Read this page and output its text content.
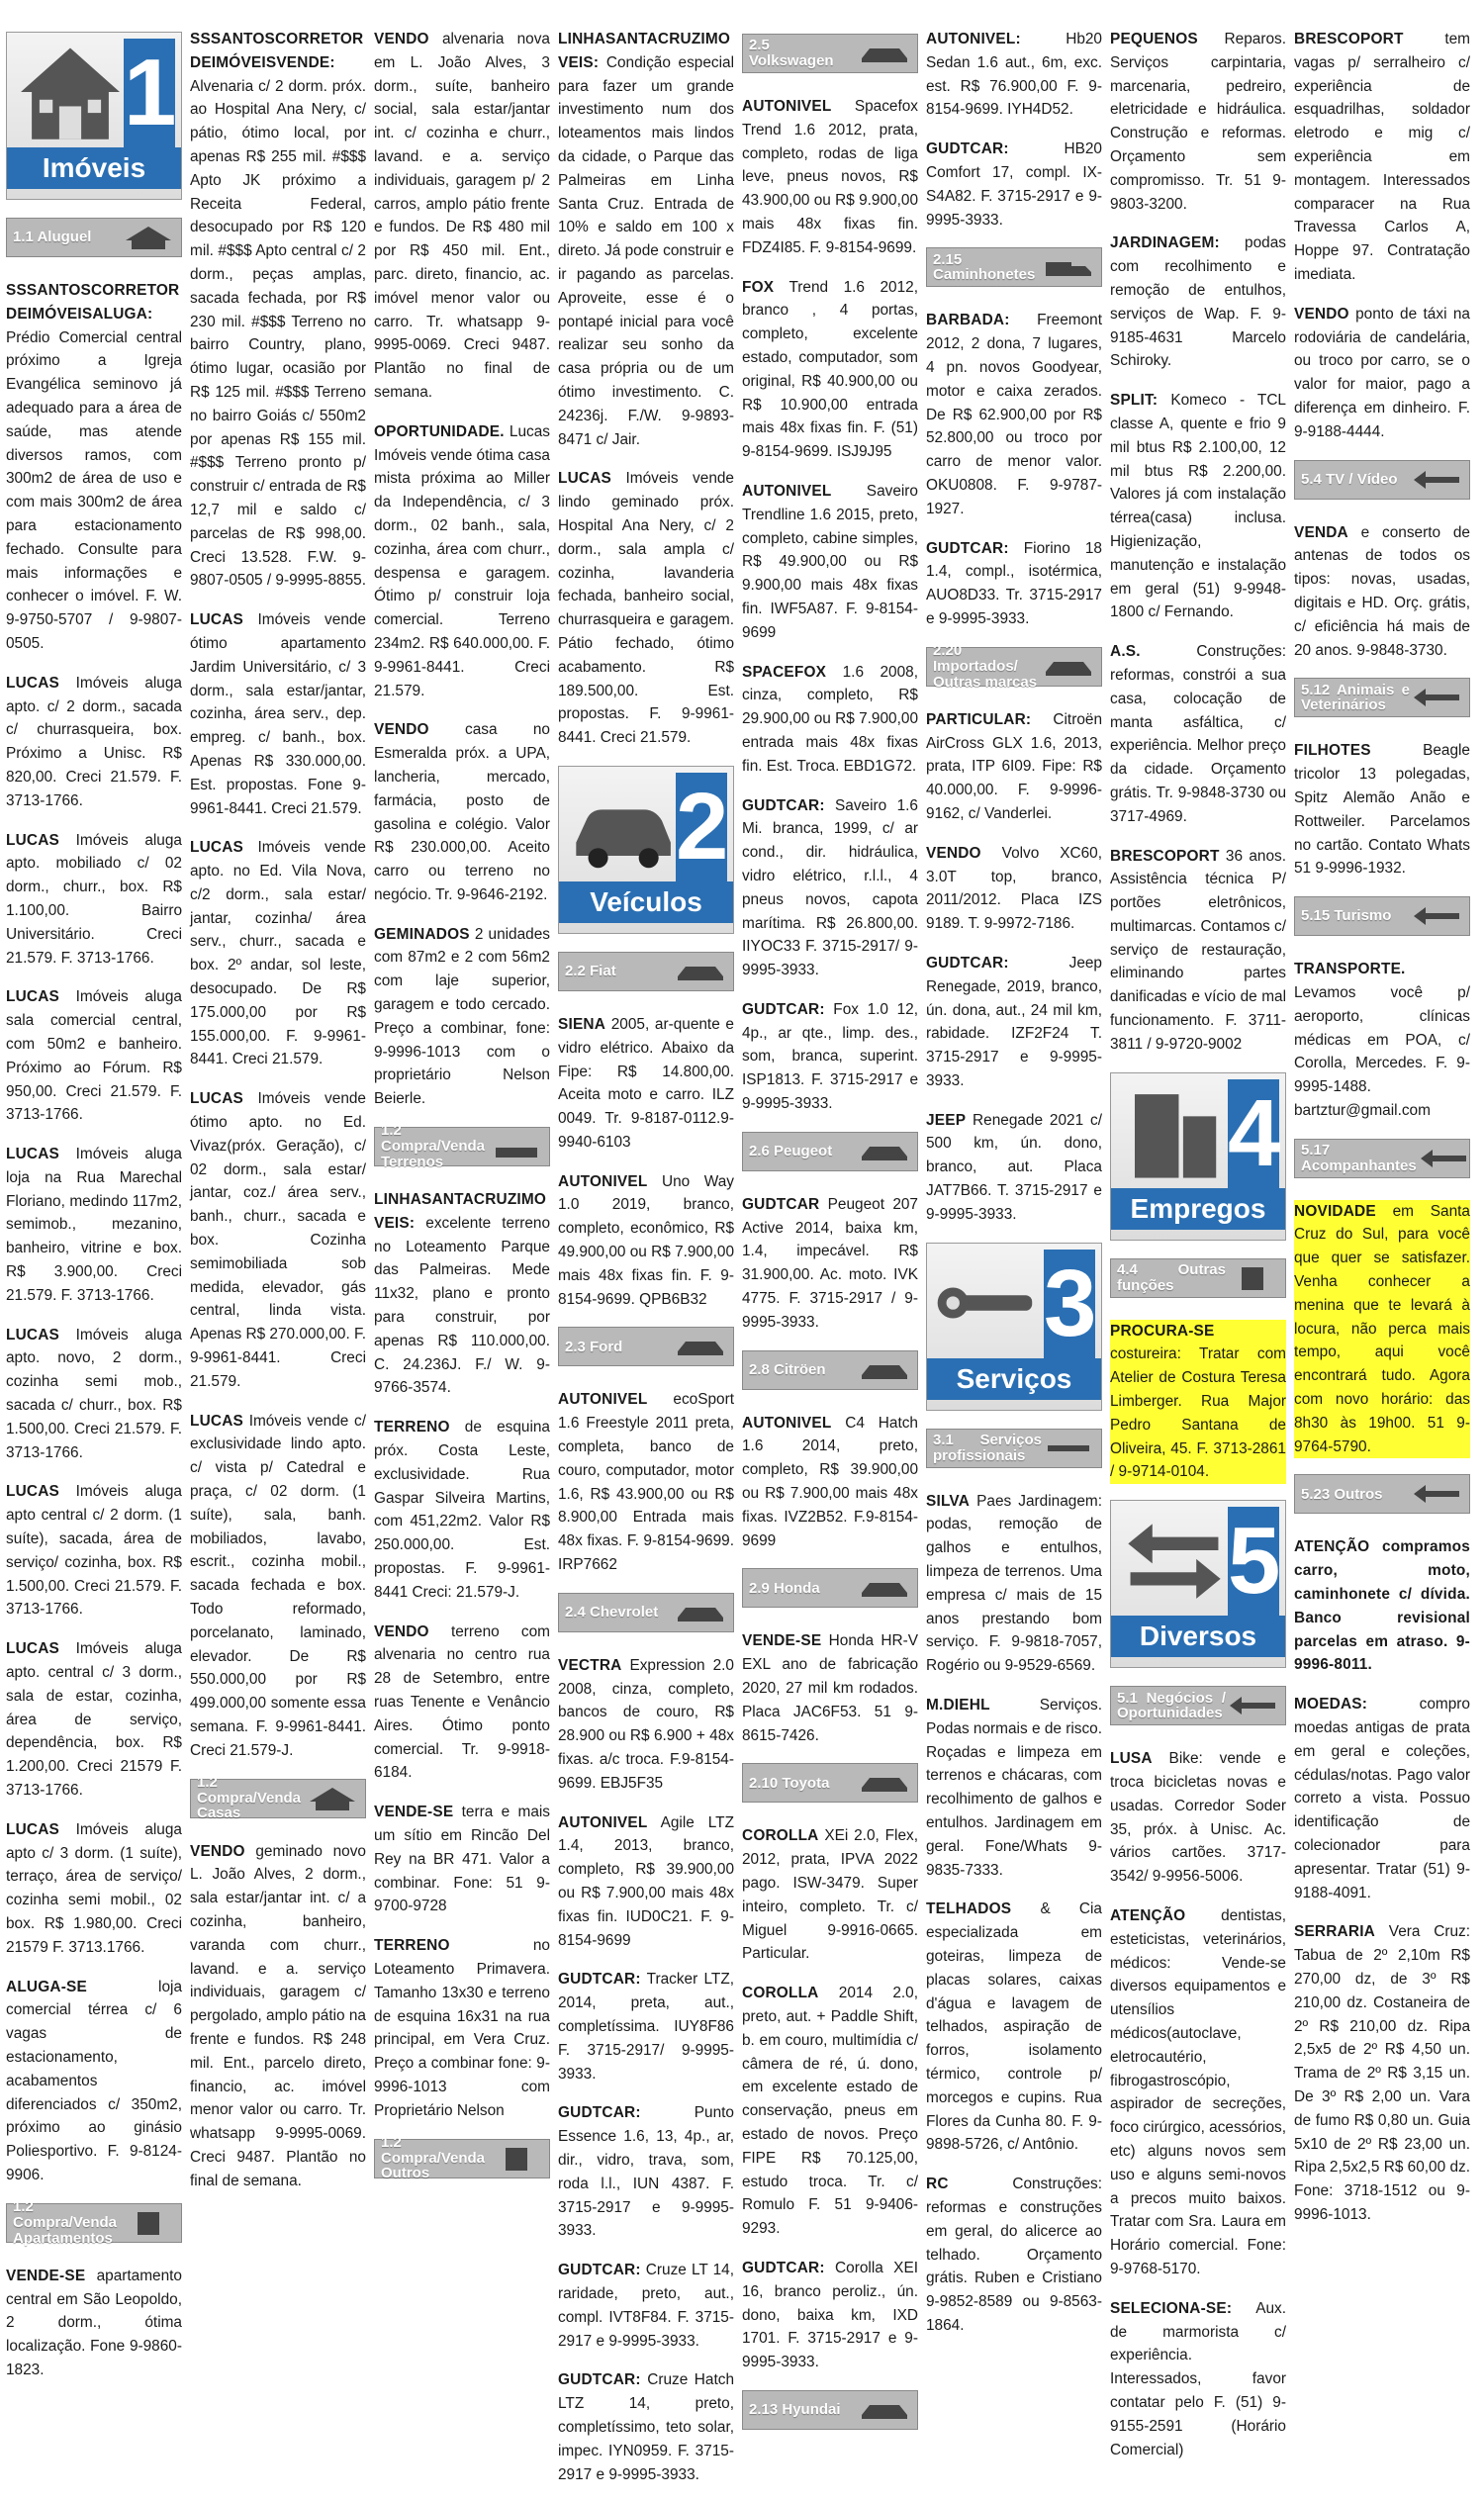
1
Imóveis
1.1 Aluguel

SSSANTOSCORRETORDEIMÓVEISALUGA: Prédio Comercial central próximo a Igreja Evangélica seminovo já adequado para a área de saúde, mas atende diversos ramos, com 300m2 de área de uso e com mais 300m2 de área para estacionamento fechado. Consulte para mais informações e conhecer o imóvel. F. W. 9-9750-5707 / 9-9807-0505.

LUCAS Imóveis aluga apto. c/ 2 dorm., sacada c/ churrasqueira, box. Próximo a Unisc. R$ 820,00. Creci 21.579. F. 3713-1766.

LUCAS Imóveis aluga apto. mobiliado c/ 02 dorm., churr., box. R$ 1.100,00. Bairro Universitário. Creci 21.579. F. 3713-1766.

LUCAS Imóveis aluga sala comercial central, com 50m2 e banheiro. Próximo ao Fórum. R$ 950,00. Creci 21.579. F. 3713-1766.

LUCAS Imóveis aluga loja na Rua Marechal Floriano, medindo 117m2, semimob., mezanino, banheiro, vitrine e box. R$ 3.900,00. Creci 21.579. F. 3713-1766.

LUCAS Imóveis aluga apto. novo, 2 dorm., cozinha semi mob., sacada c/ churr., box. R$ 1.500,00. Creci 21.579. F. 3713-1766.

LUCAS Imóveis aluga apto central c/ 2 dorm. (1 suíte), sacada, área de serviço/ cozinha, box. R$ 1.500,00. Creci 21.579. F. 3713-1766.

LUCAS Imóveis aluga apto. central c/ 3 dorm., sala de estar, cozinha, área de serviço, dependência, box. R$ 1.200,00. Creci 21579 F. 3713-1766.

LUCAS Imóveis aluga apto c/ 3 dorm. (1 suíte), terraço, área de serviço/ cozinha semi mobil., 02 box. R$ 1.980,00. Creci 21579 F. 3713.1766.

ALUGA-SE loja comercial térrea c/ 6 vagas de estacionamento, acabamentos diferenciados c/ 350m2, próximo ao ginásio Poliesportivo. F. 9-8124-9906.

1.2 Compra/Venda Apartamentos

VENDE-SE apartamento central em São Leopoldo, 2 dorm., ótima localização. Fone 9-9860-1823.

SSSANTOSCORRETORDEIMÓVEISVENDE: Alvenaria c/ 2 dorm. próx. ao Hospital Ana Nery, c/ pátio, ótimo local, por apenas R$ 255 mil. #$$$ Apto JK próximo a Receita Federal, desocupado por R$ 120 mil. #$$$ Apto central c/ 2 dorm., peças amplas, sacada fechada, por R$ 230 mil. #$$$ Terreno no bairro Country, plano, ótimo lugar, ocasião por R$ 125 mil. #$$$ Terreno no bairro Goiás c/ 550m2 por apenas R$ 155 mil. #$$$ Terreno pronto p/ construir c/ entrada de R$ 12,7 mil e saldo c/ parcelas de R$ 998,00. Creci 13.528. F.W. 9-9807-0505 / 9-9995-8855.

LUCAS Imóveis vende ótimo apartamento Jardim Universitário, c/ 3 dorm., sala estar/jantar, cozinha, área serv., dep. empreg. c/ banh., box. Apenas R$ 330.000,00. Est. propostas. Fone 9-9961-8441. Creci 21.579.

LUCAS Imóveis vende apto. no Ed. Vila Nova, c/2 dorm., sala estar/ jantar, cozinha/ área serv., churr., sacada e box. 2º andar, sol leste, desocupado. De R$ 175.000,00 por R$ 155.000,00. F. 9-9961-8441. Creci 21.579.

LUCAS Imóveis vende ótimo apto. no Ed. Vivaz(próx. Geração), c/ 02 dorm., sala estar/ jantar, coz./ área serv., banh., churr., sacada e box. Cozinha semimobiliada sob medida, elevador, gás central, linda vista. Apenas R$ 270.000,00. F. 9-9961-8441. Creci 21.579.

LUCAS Imóveis vende c/ exclusividade lindo apto. c/ vista p/ Catedral e praça, c/ 02 dorm. (1 suíte), sala, banh. mobiliados, lavabo, escrit., cozinha mobil., sacada fechada e box. Todo reformado, porcelanato, laminado, elevador. De R$ 550.000,00 por R$ 499.000,00 somente essa semana. F. 9-9961-8441. Creci 21.579-J.

1.2 Compra/Venda Casas

VENDO geminado novo L. João Alves, 2 dorm., sala estar/jantar int. c/ a cozinha, banheiro, varanda com churr., lavand. e a. serviço individuais, garagem c/ pergolado, amplo pátio na frente e fundos. R$ 248 mil. Ent., parcelo direto, financio, ac. imóvel menor valor ou carro. Tr. whatsapp 9-9995-0069. Creci 9487. Plantão no final de semana.

VENDO alvenaria nova em L. João Alves, 3 dorm., suíte, banheiro social, sala estar/jantar int. c/ cozinha e churr., lavand. e a. serviço individuais, garagem p/ 2 carros, amplo pátio frente e fundos. De R$ 480 mil por R$ 450 mil. Ent., parc. direto, financio, ac. imóvel menor valor ou carro. Tr. whatsapp 9-9995-0069. Creci 9487. Plantão no final de semana.

OPORTUNIDADE. Lucas Imóveis vende ótima casa mista próxima ao Miller da Independência, c/ 3 dorm., 02 banh., sala, cozinha, área com churr., despensa e garagem. Ótimo p/ construir loja comercial. Terreno 234m2. R$ 640.000,00. F. 9-9961-8441. Creci 21.579.

VENDO casa no Esmeralda próx. a UPA, lancheria, mercado, farmácia, posto de gasolina e colégio. Valor R$ 230.000,00. Aceito carro ou terreno no negócio. Tr. 9-9646-2192.

GEMINADOS 2 unidades com 87m2 e 2 com 56m2 com laje superior, garagem e todo cercado. Preço a combinar, fone: 9-9996-1013 com o proprietário Nelson Beierle.

1.2 Compra/Venda Terrenos

LINHASANTACRUZIMOVEIS: excelente terreno no Loteamento Parque das Palmeiras. Mede 11x32, plano e pronto para construir, por apenas R$ 110.000,00. C. 24.236J. F./ W. 9-9766-3574.

TERRENO de esquina próx. Costa Leste, exclusividade. Rua Gaspar Silveira Martins, com 451,22m2. Valor R$ 250.000,00. Est. propostas. F. 9-9961-8441 Creci: 21.579-J.

VENDO terreno com alvenaria no centro rua 28 de Setembro, entre ruas Tenente e Venâncio Aires. Ótimo ponto comercial. Tr. 9-9918-6184.

VENDE-SE terra e mais um sítio em Rincão Del Rey na BR 471. Valor a combinar. Fone: 51 9-9700-9728

TERRENO no Loteamento Primavera. Tamanho 13x30 e terreno de esquina 16x31 na rua principal, em Vera Cruz. Preço a combinar fone: 9-9996-1013 com Proprietário Nelson

1.2 Compra/Venda Outros

LINHASANTACRUZIMOVEIS: Condição especial para fazer um grande investimento num dos loteamentos mais lindos da cidade, o Parque das Palmeiras em Linha Santa Cruz. Entrada de 10% e saldo em 100 x direto. Já pode construir e ir pagando as parcelas. Aproveite, esse é o pontapé inicial para você realizar seu sonho da casa própria ou de um ótimo investimento. C. 24236j. F./W. 9-9893-8471 c/ Jair.

LUCAS Imóveis vende lindo geminado próx. Hospital Ana Nery, c/ 2 dorm., sala ampla c/ cozinha, lavanderia fechada, banheiro social, churrasqueira e garagem. Pátio fechado, ótimo acabamento. R$ 189.500,00. Est. propostas. F. 9-9961-8441. Creci 21.579.

2
Veículos
2.2 Fiat

SIENA 2005, ar-quente e vidro elétrico. Abaixo da Fipe: R$ 14.800,00. Aceita moto e carro. ILZ 0049. Tr. 9-8187-0112.9-9940-6103

AUTONIVEL Uno Way 1.0 2019, branco, completo, econômico, R$ 49.900,00 ou R$ 7.900,00 mais 48x fixas fin. F. 9-8154-9699. QPB6B32

2.3 Ford

AUTONIVEL ecoSport 1.6 Freestyle 2011 preta, completa, banco de couro, computador, motor 1.6, R$ 43.900,00 ou R$ 8.900,00 Entrada mais 48x fixas. F. 9-8154-9699. IRP7662

2.4 Chevrolet

VECTRA Expression 2.0 2008, cinza, completo, bancos de couro, R$ 28.900 ou R$ 6.900 + 48x fixas. a/c troca. F.9-8154-9699. EBJ5F35

AUTONIVEL Agile LTZ 1.4, 2013, branco, completo, R$ 39.900,00 ou R$ 7.900,00 mais 48x fixas fin. IUD0C21. F. 9-8154-9699

GUDTCAR: Tracker LTZ, 2014, preta, aut., completíssima. IUY8F86 F. 3715-2917/ 9-9995-3933.

GUDTCAR: Punto Essence 1.6, 13, 4p., ar, dir., vidro, trava, som, roda l.l., IUN 4387. F. 3715-2917 e 9-9995-3933.

GUDTCAR: Cruze LT 14, raridade, preto, aut., compl. IVT8F84. F. 3715-2917 e 9-9995-3933.

GUDTCAR: Cruze Hatch LTZ 14, preto, completíssimo, teto solar, impec. IYN0959. F. 3715-2917 e 9-9995-3933.

2.5 Volkswagen

AUTONIVEL Spacefox Trend 1.6 2012, prata, completo, rodas de liga leve, pneus novos, R$ 43.900,00 ou R$ 9.900,00 mais 48x fixas fin. FDZ4I85. F. 9-8154-9699.

FOX Trend 1.6 2012, branco , 4 portas, completo, excelente estado, computador, som original, R$ 40.900,00 ou R$ 10.900,00 entrada mais 48x fixas fin. F. (51) 9-8154-9699. ISJ9J95

AUTONIVEL Saveiro Trendline 1.6 2015, preto, completo, cabine simples, R$ 49.900,00 ou R$ 9.900,00 mais 48x fixas fin. IWF5A87. F. 9-8154-9699

SPACEFOX 1.6 2008, cinza, completo, R$ 29.900,00 ou R$ 7.900,00 entrada mais 48x fixas fin. Est. Troca. EBD1G72.

GUDTCAR: Saveiro 1.6 Mi. branca, 1999, c/ ar cond., dir. hidráulica, vidro elétrico, r.l.l., 4 pneus novos, capota marítima. R$ 26.800,00. IIYOC33 F. 3715-2917/ 9-9995-3933.

GUDTCAR: Fox 1.0 12, 4p., ar qte., limp. des., som, branca, superint. ISP1813. F. 3715-2917 e 9-9995-3933.

2.6 Peugeot

GUDTCAR Peugeot 207 Active 2014, baixa km, 1.4, impecável. R$ 31.900,00. Ac. moto. IVK 4775. F. 3715-2917 / 9-9995-3933.

2.8 Citröen

AUTONIVEL C4 Hatch 1.6 2014, preto, completo, R$ 39.900,00 ou R$ 7.900,00 mais 48x fixas. IVZ2B52. F.9-8154-9699

2.9 Honda

VENDE-SE Honda HR-V EXL ano de fabricação 2020, 27 mil km rodados. Placa JAC6F53. 51 9-8615-7426.

2.10 Toyota

COROLLA XEi 2.0, Flex, 2012, prata, IPVA 2022 pago. ISW-3479. Super inteiro, completo. Tr. c/ Miguel 9-9916-0665. Particular.

COROLLA 2014 2.0, preto, aut. + Paddle Shift, b. em couro, multimídia c/ câmera de ré, ú. dono, em excelente estado de conservação, pneus em estado de novos. Preço FIPE R$ 70.125,00, estudo troca. Tr. c/ Romulo F. 51 9-9406-9293.

GUDTCAR: Corolla XEI 16, branco peroliz., ún. dono, baixa km, IXD 1701. F. 3715-2917 e 9-9995-3933.

2.13 Hyundai

AUTONIVEL: Hb20 Sedan 1.6 aut., 6m, exc. est. R$ 76.900,00 F. 9-8154-9699. IYH4D52.

GUDTCAR: HB20 Comfort 17, compl. IX-S4A82. F. 3715-2917 e 9-9995-3933.

2.15 Caminhonetes

BARBADA: Freemont 2012, 2 dona, 7 lugares, 4 pn. novos Goodyear, motor e caixa zerados. De R$ 62.900,00 por R$ 52.800,00 ou troco por carro de menor valor. OKU0808. F. 9-9787-1927.

GUDTCAR: Fiorino 18 1.4, compl., isotérmica, AUO8D33. Tr. 3715-2917 e 9-9995-3933.

2.20 Importados/ Outras marcas

PARTICULAR: Citroën AirCross GLX 1.6, 2013, prata, ITP 6I09. Fipe: R$ 40.000,00. F. 9-9996-9162, c/ Vanderlei.

VENDO Volvo XC60, 3.0T top, branco, 2011/2012. Placa IZS 9189. T. 9-9972-7186.

GUDTCAR: Jeep Renegade, 2019, branco, ún. dona, aut., 24 mil km, rabidade. IZF2F24 T. 3715-2917 e 9-9995-3933.

JEEP Renegade 2021 c/ 500 km, ún. dono, branco, aut. Placa JAT7B66. T. 3715-2917 e 9-9995-3933.

3
Serviços
3.1 Serviços profissionais

SILVA Paes Jardinagem: podas, remoção de galhos e entulhos, limpeza de terrenos. Uma empresa c/ mais de 15 anos prestando bom serviço. F. 9-9818-7057, Rogério ou 9-9529-6569.

M.DIEHL Serviços. Podas normais e de risco. Roçadas e limpeza em terrenos e chácaras, com recolhimento de galhos e entulhos. Jardinagem em geral. Fone/Whats 9-9835-7333.

TELHADOS & Cia especializada em goteiras, limpeza de placas solares, caixas d'água e lavagem de telhados, aspiração de forros, isolamento térmico, controle p/ morcegos e cupins. Rua Flores da Cunha 80. F. 9-9898-5726, c/ Antônio.

RC Construções: reformas e construções em geral, do alicerce ao telhado. Orçamento grátis. Ruben e Cristiano 9-9852-8589 ou 9-8563-1864.

PEQUENOS Reparos. Serviços carpintaria, marcenaria, pedreiro, eletricidade e hidráulica. Construção e reformas. Orçamento sem compromisso. Tr. 51 9-9803-3200.

JARDINAGEM: podas com recolhimento e remoção de entulhos, serviços de Wap. F. 9-9185-4631 Marcelo Schiroky.

SPLIT: Komeco - TCL classe A, quente e frio 9 mil btus R$ 2.100,00, 12 mil btus R$ 2.200,00. Valores já com instalação térrea(casa) inclusa. Higienização, manutenção e instalação em geral (51) 9-9948-1800 c/ Fernando.

A.S. Construções: reformas, constrói a sua casa, colocação de manta asfáltica, c/ experiência. Melhor preço da cidade. Orçamento grátis. Tr. 9-9848-3730 ou 3717-4969.

BRESCOPORT 36 anos. Assistência técnica P/ portões eletrônicos, multimarcas. Contamos c/ serviço de restauração, eliminando partes danificadas e vício de mal funcionamento. F. 3711-3811 / 9-9720-9002

4
Empregos
4.4 Outras funções

PROCURA-SE costureira: Tratar com Atelier de Costura Teresa Limberger. Rua Major Pedro Santana de Oliveira, 45. F. 3713-2861 / 9-9714-0104.

5
Diversos
5.1 Negócios / Oportunidades

LUSA Bike: vende e troca bicicletas novas e usadas. Corredor Soder 35, próx. à Unisc. Ac. vários cartões. 3717-3542/ 9-9956-5006.

ATENÇÃO dentistas, esteticistas, veterinários, médicos: Vende-se diversos equipamentos e utensílios médicos(autoclave, eletrocautério, fibrogastroscópio, aspirador de secreções, foco cirúrgico, acessórios, etc) alguns novos sem uso e alguns semi-novos a precos muito baixos. Tratar com Sra. Laura em Horário comercial. Fone: 9-9768-5170.

SELECIONA-SE: Aux. de marmorista c/ experiência. Interessados, favor contatar pelo F. (51) 9-9155-2591 (Horário Comercial)

BRESCOPORT tem vagas p/ serralheiro c/ experiência de esquadrilhas, soldador eletrodo e mig c/ experiência em montagem. Interessados comparacer na Rua Travessa Carlos A, Hoppe 97. Contratação imediata.

VENDO ponto de táxi na rodoviária de candelária, ou troco por carro, se o valor for maior, pago a diferença em dinheiro. F. 9-9188-4444.

5.4 TV / Vídeo

VENDA e conserto de antenas de todos os tipos: novas, usadas, digitais e HD. Orç. grátis, c/ eficiência há mais de 20 anos. 9-9848-3730.

5.12 Animais e Veterinários

FILHOTES Beagle tricolor 13 polegadas, Spitz Alemão Anão e Rottweiler. Parcelamos no cartão. Contato Whats 51 9-9996-1932.

5.15 Turismo

TRANSPORTE. Levamos você p/ aeroporto, clínicas médicas em POA, c/ Corolla, Mercedes. F. 9-9995-1488. bartztur@gmail.com

5.17 Acompanhantes

NOVIDADE em Santa Cruz do Sul, para você que quer se satisfazer. Venha conhecer a menina que te levará à locura, não perca mais tempo, aqui você encontrará tudo. Agora com novo horário: das 8h30 às 19h00. 51 9-9764-5790.

5.23 Outros

ATENÇÃO compramos carro, moto, caminhonete c/ dívida. Banco revisional parcelas em atraso. 9-9996-8011.

MOEDAS: compro moedas antigas de prata em geral e coleções, cédulas/notas. Pago valor correto a vista. Possuo identificação de colecionador para apresentar. Tratar (51) 9-9188-4091.

SERRARIA Vera Cruz: Tabua de 2º 2,10m R$ 270,00 dz, de 3º R$ 210,00 dz. Costaneira de 2º R$ 210,00 dz. Ripa 2,5x5 de 2º R$ 4,50 un. Trama de 2º R$ 3,15 un. De 3º R$ 2,00 un. Vara de fumo R$ 0,80 un. Guia 5x10 de 2º R$ 23,00 un. Ripa 2,5x2,5 R$ 60,00 dz. Fone: 3718-1512 ou 9-9996-1013.
